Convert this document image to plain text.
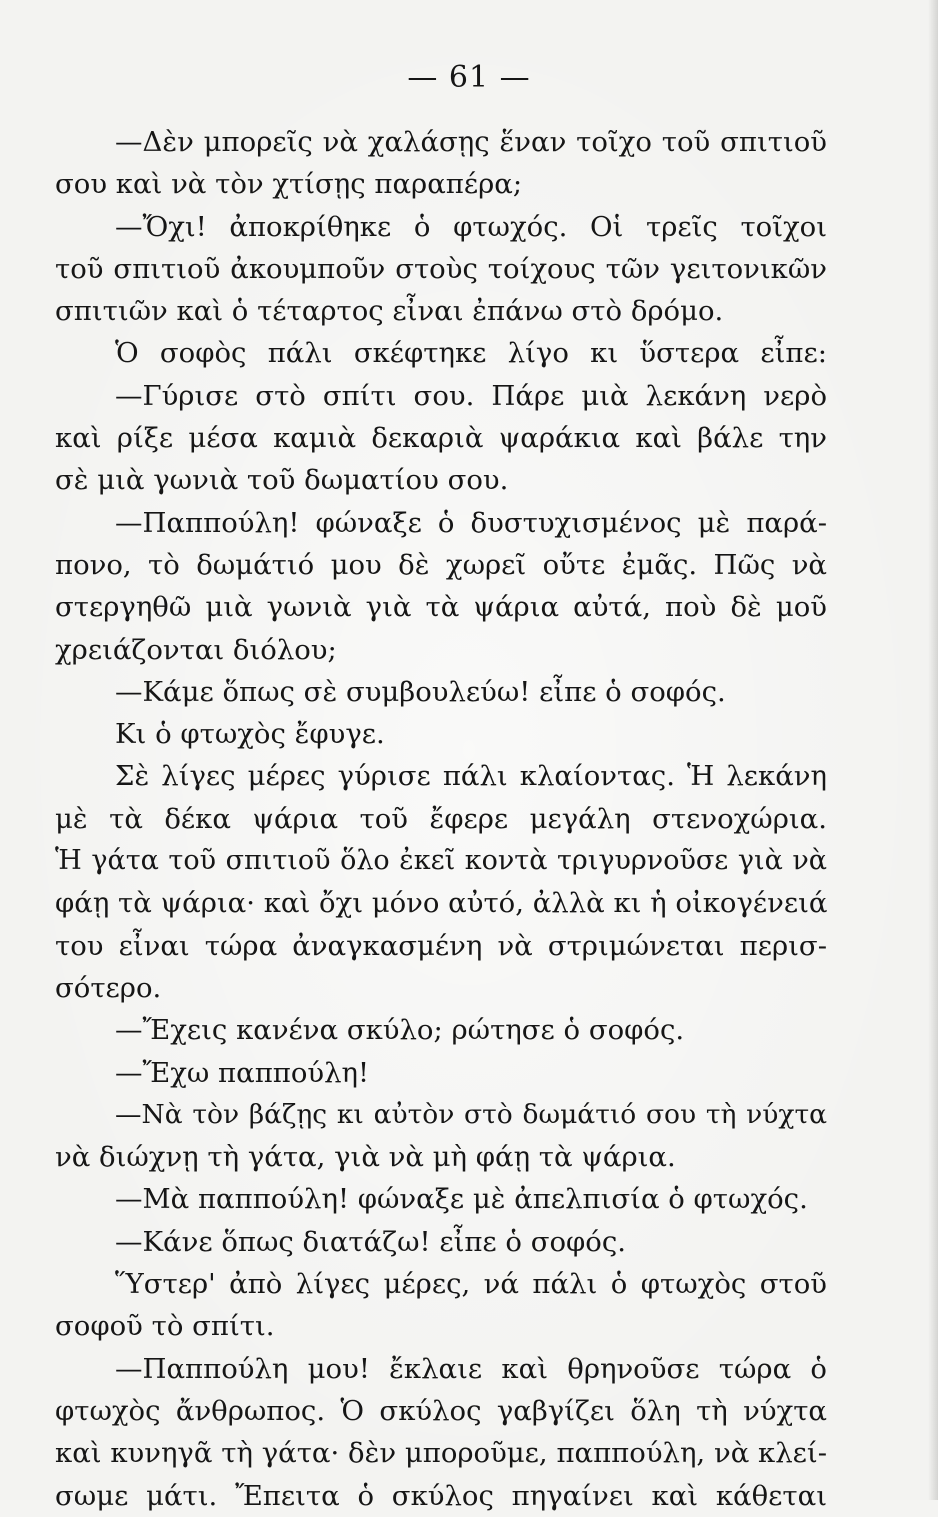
— 61 —
—Δὲν μπορεῖς νὰ χαλάσῃς ἕναν τοῖχο τοῦ σπιτιοῦ
σου καὶ νὰ τὸν χτίσῃς παραπέρα;
—Ὄχι! ἀποκρίθηκε ὁ φτωχός. Οἱ τρεῖς τοῖχοι
τοῦ σπιτιοῦ ἀκουμποῦν στοὺς τοίχους τῶν γειτονικῶν
σπιτιῶν καὶ ὁ τέταρτος εἶναι ἐπάνω στὸ δρόμο.
Ὁ σοφὸς πάλι σκέφτηκε λίγο κι ὕστερα εἶπε:
—Γύρισε στὸ σπίτι σου. Πάρε μιὰ λεκάνη νερὸ
καὶ ρίξε μέσα καμιὰ δεκαριὰ ψαράκια καὶ βάλε την
σὲ μιὰ γωνιὰ τοῦ δωματίου σου.
—Παππούλη! φώναξε ὁ δυστυχισμένος μὲ παρά-
πονο, τὸ δωμάτιό μου δὲ χωρεῖ οὔτε ἐμᾶς. Πῶς νὰ
στεργηθῶ μιὰ γωνιὰ γιὰ τὰ ψάρια αὐτά, ποὺ δὲ μοῦ
χρειάζονται διόλου;
—Κάμε ὅπως σὲ συμβουλεύω! εἶπε ὁ σοφός.
Κι ὁ φτωχὸς ἔφυγε.
Σὲ λίγες μέρες γύρισε πάλι κλαίοντας. Ἡ λεκάνη
μὲ τὰ δέκα ψάρια τοῦ ἔφερε μεγάλη στενοχώρια.
Ἡ γάτα τοῦ σπιτιοῦ ὅλο ἐκεῖ κοντὰ τριγυρνοῦσε γιὰ νὰ
φάῃ τὰ ψάρια· καὶ ὄχι μόνο αὐτό, ἀλλὰ κι ἡ οἰκογένειά
του εἶναι τώρα ἀναγκασμένη νὰ στριμώνεται περισ-
σότερο.
—Ἔχεις κανένα σκύλο; ρώτησε ὁ σοφός.
—Ἔχω παππούλη!
—Νὰ τὸν βάζῃς κι αὐτὸν στὸ δωμάτιό σου τὴ νύχτα
νὰ διώχνῃ τὴ γάτα, γιὰ νὰ μὴ φάῃ τὰ ψάρια.
—Μὰ παππούλη! φώναξε μὲ ἀπελπισία ὁ φτωχός.
—Κάνε ὅπως διατάζω! εἶπε ὁ σοφός.
Ὕστερ' ἀπὸ λίγες μέρες, νά πάλι ὁ φτωχὸς στοῦ
σοφοῦ τὸ σπίτι.
—Παππούλη μου! ἔκλαιε καὶ θρηνοῦσε τώρα ὁ
φτωχὸς ἄνθρωπος. Ὁ σκύλος γαβγίζει ὅλη τὴ νύχτα
καὶ κυνηγᾶ τὴ γάτα· δὲν μποροῦμε, παππούλη, νὰ κλεί-
σωμε μάτι. Ἔπειτα ὁ σκύλος πηγαίνει καὶ κάθεται
